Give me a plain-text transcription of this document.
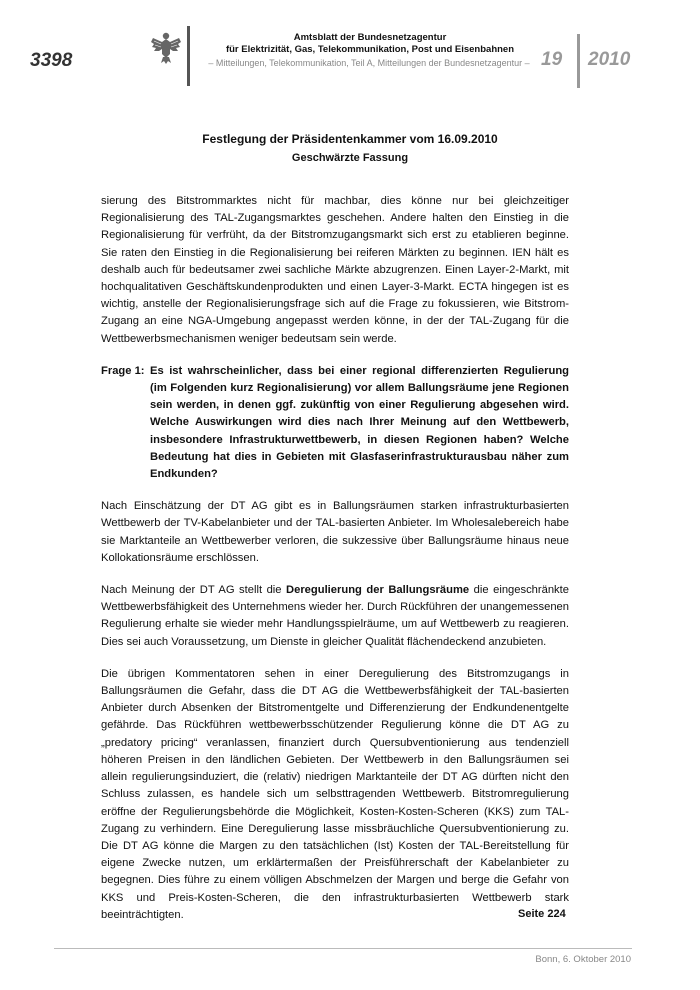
3398
Amtsblatt der Bundesnetzagentur
für Elektrizität, Gas, Telekommunikation, Post und Eisenbahnen
– Mitteilungen, Telekommunikation, Teil A, Mitteilungen der Bundesnetzagentur – 19 2010
Festlegung der Präsidentenkammer vom 16.09.2010
Geschwärzte Fassung

sierung des Bitstrommarktes nicht für machbar, dies könne nur bei gleichzeitiger Regionalisierung des TAL-Zugangsmarktes geschehen. Andere halten den Einstieg in die Regionalisierung für verfrüht, da der Bitstromzugangsmarkt sich erst zu etablieren beginne. Sie raten den Einstieg in die Regionalisierung bei reiferen Märkten zu beginnen. IEN hält es deshalb auch für bedeutsamer zwei sachliche Märkte abzugrenzen. Einen Layer-2-Markt, mit hochqualitativen Geschäftskundenprodukten und einen Layer-3-Markt. ECTA hingegen ist es wichtig, anstelle der Regionalisierungsfrage sich auf die Frage zu fokussieren, wie Bitstrom-Zugang an eine NGA-Umgebung angepasst werden könne, in der der TAL-Zugang für die Wettbewerbsmechanismen weniger bedeutsam sein werde.

Frage 1: Es ist wahrscheinlicher, dass bei einer regional differenzierten Regulierung (im Folgenden kurz Regionalisierung) vor allem Ballungsräume jene Regionen sein werden, in denen ggf. zukünftig von einer Regulierung abgesehen wird. Welche Auswirkungen wird dies nach Ihrer Meinung auf den Wettbewerb, insbesondere Infrastrukturwettbewerb, in diesen Regionen haben? Welche Bedeutung hat dies in Gebieten mit Glasfaserinfrastrukturausbau näher zum Endkunden?

Nach Einschätzung der DT AG gibt es in Ballungsräumen starken infrastrukturbasierten Wettbewerb der TV-Kabelanbieter und der TAL-basierten Anbieter. Im Wholesalebereich habe sie Marktanteile an Wettbewerber verloren, die sukzessive über Ballungsräume hinaus neue Kollokationsräume erschlössen.

Nach Meinung der DT AG stellt die Deregulierung der Ballungsräume die eingeschränkte Wettbewerbsfähigkeit des Unternehmens wieder her. Durch Rückführen der unangemessenen Regulierung erhalte sie wieder mehr Handlungsspielräume, um auf Wettbewerb zu reagieren. Dies sei auch Voraussetzung, um Dienste in gleicher Qualität flächendeckend anzubieten.

Die übrigen Kommentatoren sehen in einer Deregulierung des Bitstromzugangs in Ballungsräumen die Gefahr, dass die DT AG die Wettbewerbsfähigkeit der TAL-basierten Anbieter durch Absenken der Bitstromentgelte und Differenzierung der Endkundenentgelte gefährde. Das Rückführen wettbewerbsschützender Regulierung könne die DT AG zu „predatory pricing“ veranlassen, finanziert durch Quersubventionierung aus tendenziell höheren Preisen in den ländlichen Gebieten. Der Wettbewerb in den Ballungsräumen sei allein regulierungsinduziert, die (relativ) niedrigen Marktanteile der DT AG dürften nicht den Schluss zulassen, es handele sich um selbsttragenden Wettbewerb. Bitstromregulierung eröffne der Regulierungsbehörde die Möglichkeit, Kosten-Kosten-Scheren (KKS) zum TAL-Zugang zu verhindern. Eine Deregulierung lasse missbräuchliche Quersubventionierung zu. Die DT AG könne die Margen zu den tatsächlichen (Ist) Kosten der TAL-Bereitstellung für eigene Zwecke nutzen, um erklärtermaßen der Preisführerschaft der Kabelanbieter zu begegnen. Dies führe zu einem völligen Abschmelzen der Margen und berge die Gefahr von KKS und Preis-Kosten-Scheren, die den infrastrukturbasierten Wettbewerb stark beeinträchtigten.	Seite 224
Bonn, 6. Oktober 2010
